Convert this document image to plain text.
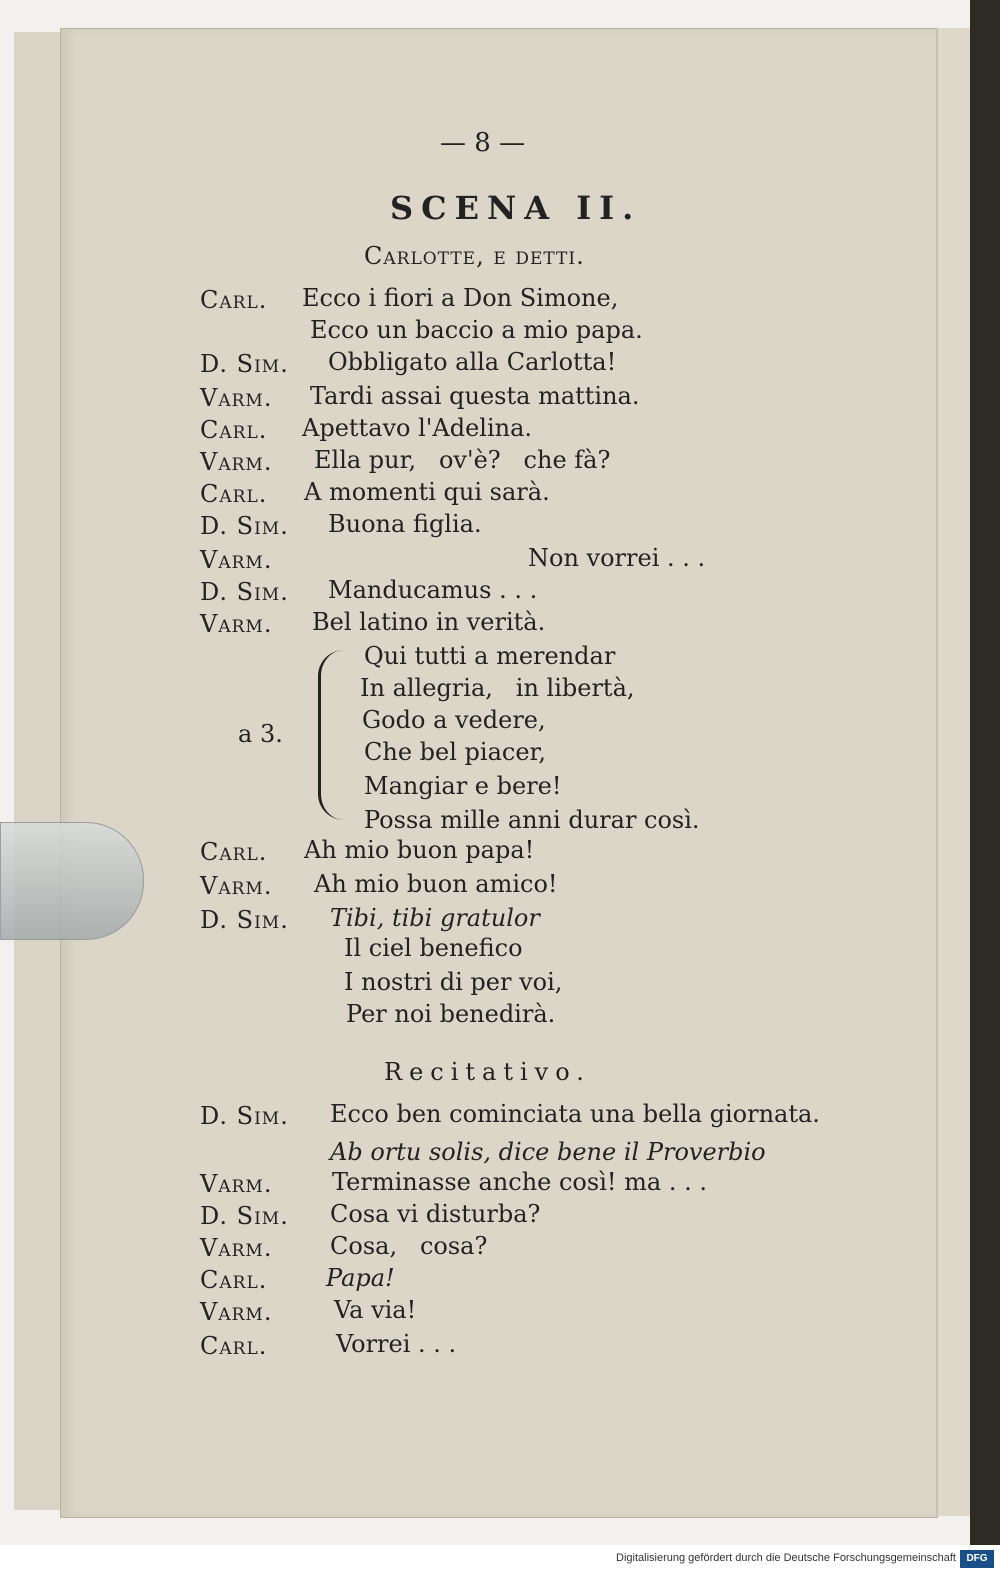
— 8 —
SCENA II.
Carlotte, e detti.
Carl. Ecco i fiori a Don Simone,
Ecco un baccio a mio papa.
D. Sim. Obbligato alla Carlotta!
Varm. Tardi assai questa mattina.
Carl. Apettavo l'Adelina.
Varm. Ella pur,   ov'è?   che fà?
Carl. A momenti qui sarà.
D. Sim. Buona figlia.
Varm.	Non vorrei . . .
D. Sim. Manducamus . . .
Varm. Bel latino in verità.
a 3.
Qui tutti a merendar
In allegria,   in libertà,
Godo a vedere,
Che bel piacer,
Mangiar e bere!
Possa mille anni durar così.
Carl. Ah mio buon papa!
Varm. Ah mio buon amico!
D. Sim. Tibi, tibi gratulor
Il ciel benefico
I nostri di per voi,
Per noi benedirà.
Recitativo.
D. Sim. Ecco ben cominciata una bella giornata.
Ab ortu solis, dice bene il Proverbio
Varm. Terminasse anche così! ma . . .
D. Sim. Cosa vi disturba?
Varm. Cosa,   cosa?
Carl. Papa!
Varm.	Va via!
Carl.	Vorrei . . .
Digitalisierung gefördert durch die Deutsche Forschungsgemeinschaft	DFG
